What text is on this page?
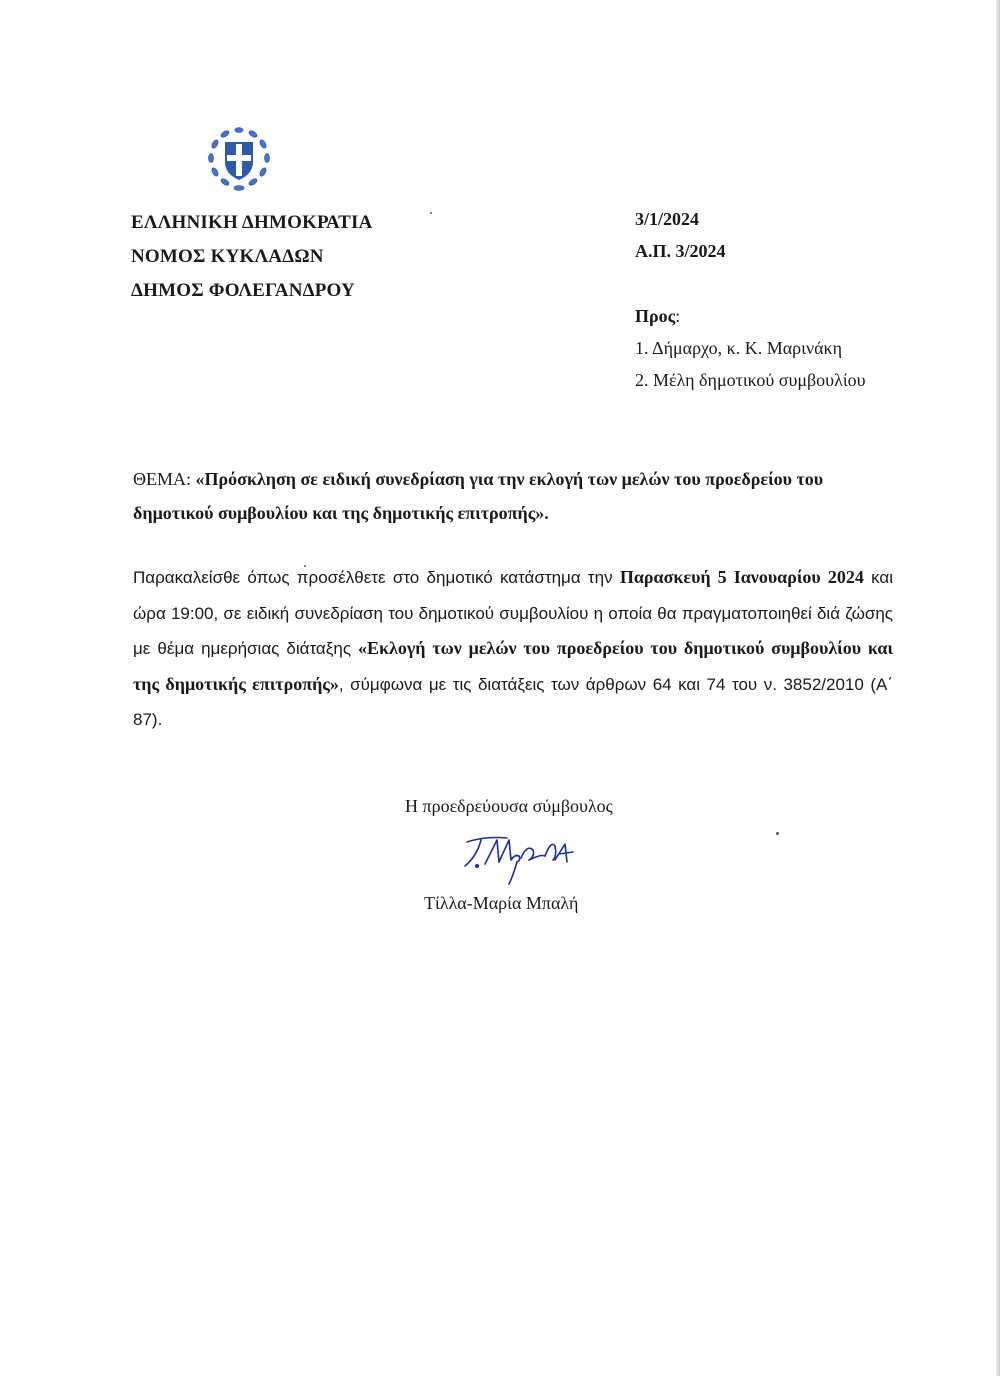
ΕΛΛΗΝΙΚΗ ΔΗΜΟΚΡΑΤΙΑ
ΝΟΜΟΣ ΚΥΚΛΑΔΩΝ
ΔΗΜΟΣ ΦΟΛΕΓΑΝΔΡΟΥ
3/1/2024
Α.Π. 3/2024
Προς:
1. Δήμαρχο, κ. Κ. Μαρινάκη
2. Μέλη δημοτικού συμβουλίου
ΘΕΜΑ: «Πρόσκληση σε ειδική συνεδρίαση για την εκλογή των μελών του προεδρείου του δημοτικού συμβουλίου και της δημοτικής επιτροπής».
Παρακαλείσθε όπως προσέλθετε στο δημοτικό κατάστημα την Παρασκευή 5 Ιανουαρίου 2024 και ώρα 19:00, σε ειδική συνεδρίαση του δημοτικού συμβουλίου η οποία θα πραγματοποιηθεί διά ζώσης με θέμα ημερήσιας διάταξης «Εκλογή των μελών του προεδρείου του δημοτικού συμβουλίου και της δημοτικής επιτροπής», σύμφωνα με τις διατάξεις των άρθρων 64 και 74 του ν. 3852/2010 (Α΄ 87).
Η προεδρεύουσα σύμβουλος
Τίλλα-Μαρία Μπαλή
